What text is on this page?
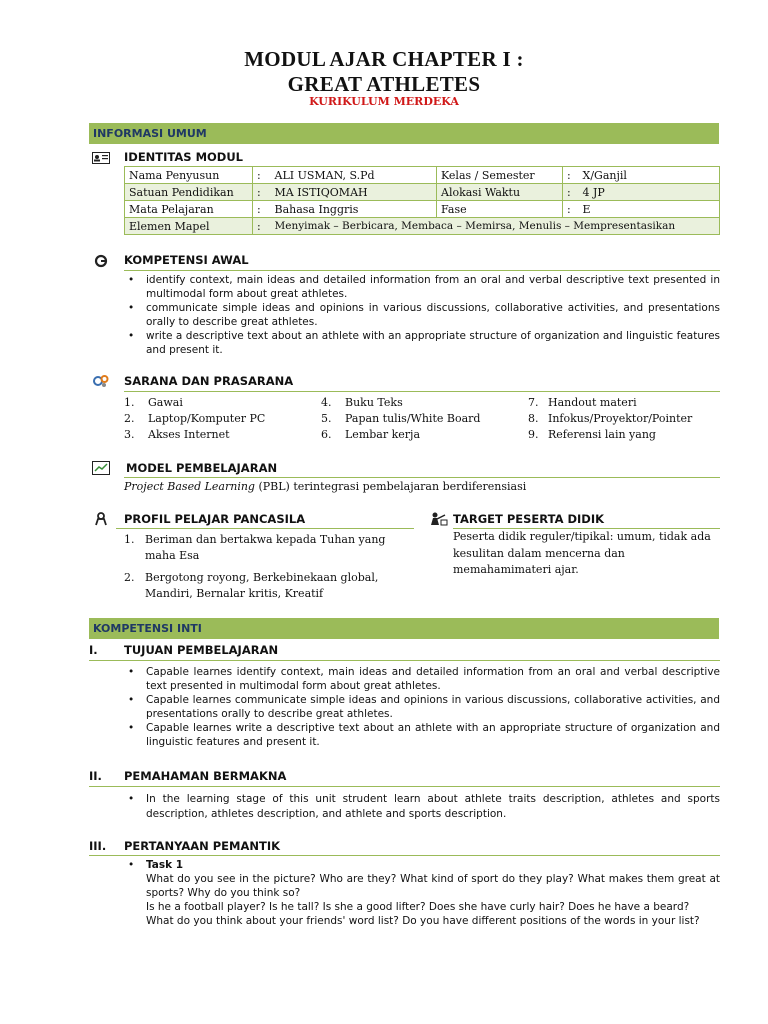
MODUL AJAR CHAPTER I :
GREAT ATHLETES
KURIKULUM MERDEKA
INFORMASI UMUM
IDENTITAS MODUL
Nama Penyusun	:	ALI USMAN, S.Pd	Kelas / Semester	:	X/Ganjil
Satuan Pendidikan	:	MA ISTIQOMAH	Alokasi Waktu	:	4 JP
Mata Pelajaran	:	Bahasa Inggris	Fase	:	E
Elemen Mapel	:	Menyimak – Berbicara, Membaca – Memirsa, Menulis – Mempresentasikan			
KOMPETENSI AWAL
• identify context, main ideas and detailed information from an oral and verbal descriptive text presented in multimodal form about great athletes.
• communicate simple ideas and opinions in various discussions, collaborative activities, and presentations orally to describe great athletes.
• write a descriptive text about an athlete with an appropriate structure of organization and linguistic features and present it.
SARANA DAN PRASARANA
1. Gawai
2. Laptop/Komputer PC
3. Akses Internet
4. Buku Teks
5. Papan tulis/White Board
6. Lembar kerja
7. Handout materi
8. Infokus/Proyektor/Pointer
9. Referensi lain yang
MODEL PEMBELAJARAN
Project Based Learning (PBL) terintegrasi pembelajaran berdiferensiasi
PROFIL PELAJAR PANCASILA
1. Beriman dan bertakwa kepada Tuhan yang maha Esa
2. Bergotong royong, Berkebinekaan global, Mandiri, Bernalar kritis, Kreatif
TARGET PESERTA DIDIK
Peserta didik reguler/tipikal: umum, tidak ada kesulitan dalam mencerna dan memahamimateri ajar.
KOMPETENSI INTI
I. TUJUAN PEMBELAJARAN
• Capable learnes identify context, main ideas and detailed information from an oral and verbal descriptive text presented in multimodal form about great athletes.
• Capable learnes communicate simple ideas and opinions in various discussions, collaborative activities, and presentations orally to describe great athletes.
• Capable learnes write a descriptive text about an athlete with an appropriate structure of organization and linguistic features and present it.
II. PEMAHAMAN BERMAKNA
• In the learning stage of this unit strudent learn about athlete traits description, athletes and sports description, athletes description, and athlete and sports description.
III. PERTANYAAN PEMANTIK
• Task 1
What do you see in the picture? Who are they? What kind of sport do they play? What makes them great at sports? Why do you think so?
Is he a football player? Is he tall? Is she a good lifter? Does she have curly hair? Does he have a beard?
What do you think about your friends' word list? Do you have different positions of the words in your list?
